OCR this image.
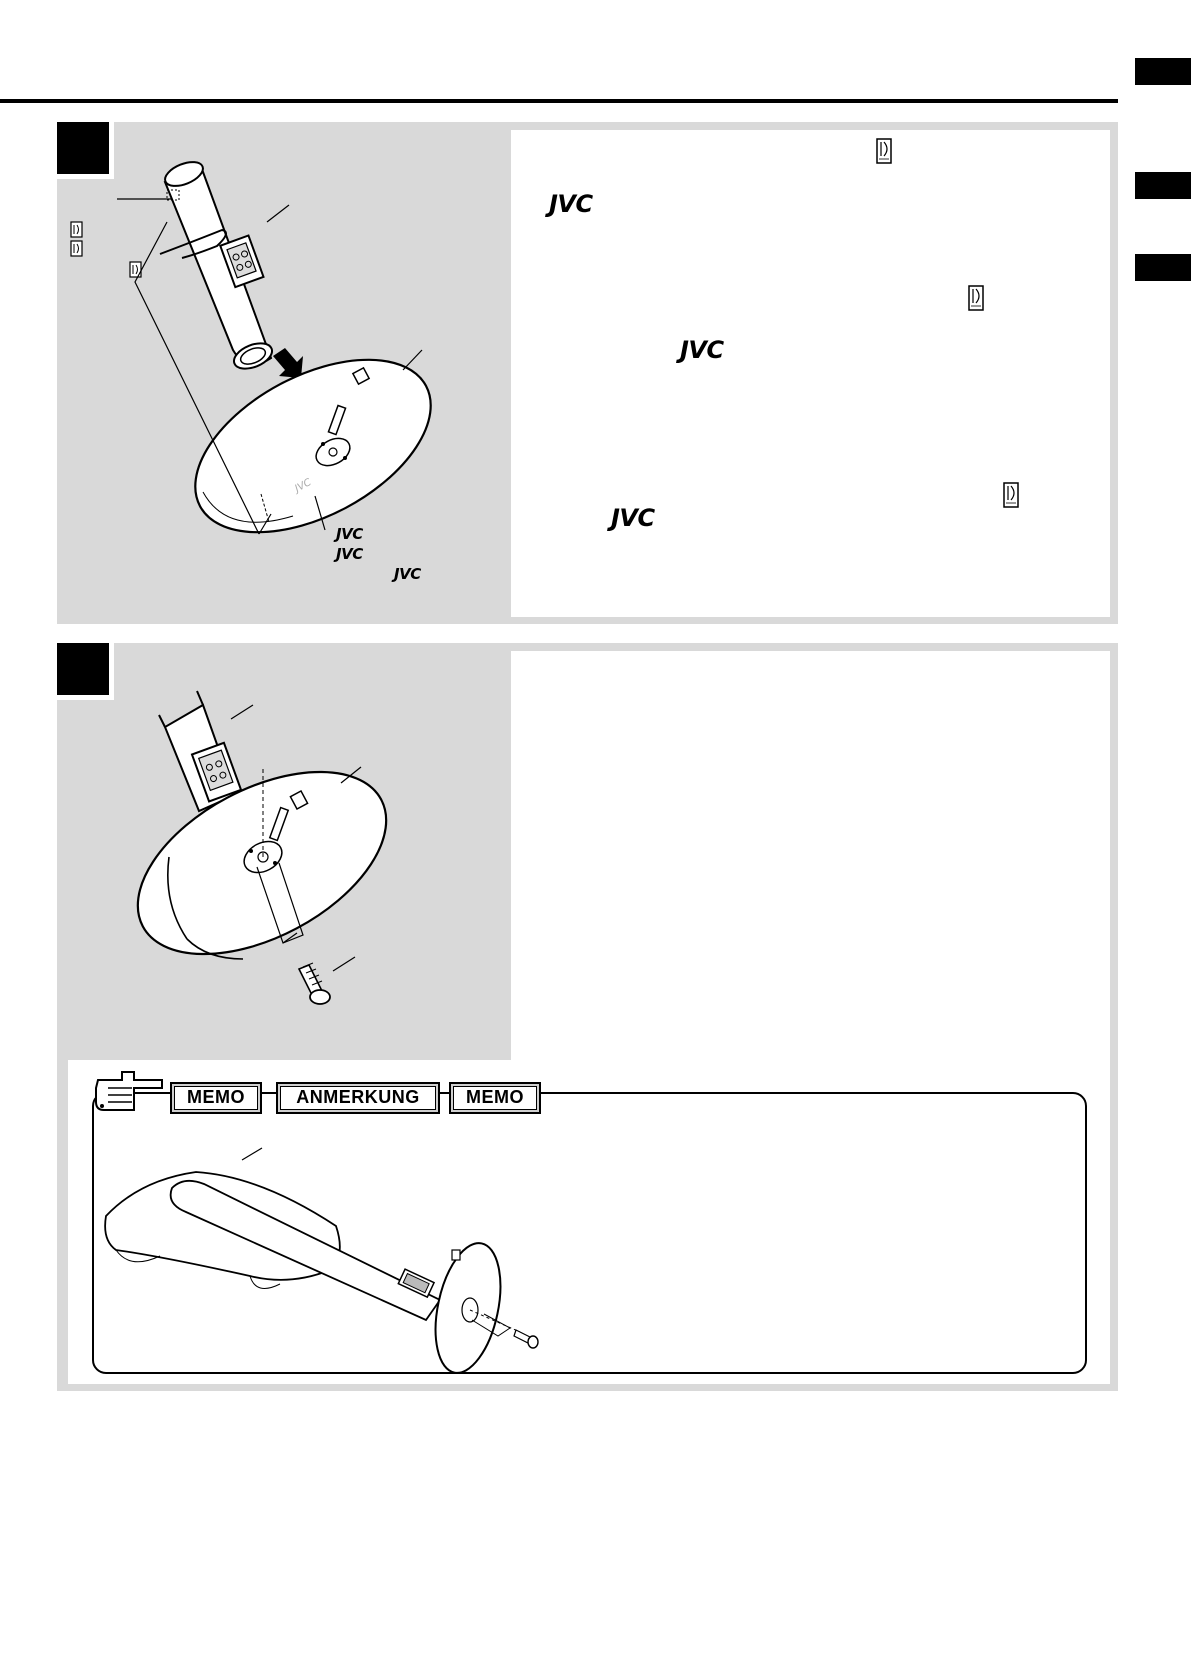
JVC
JVC
JVC
JVC
JVC
JVC
JVC
MEMO	ANMERKUNG	MEMO
